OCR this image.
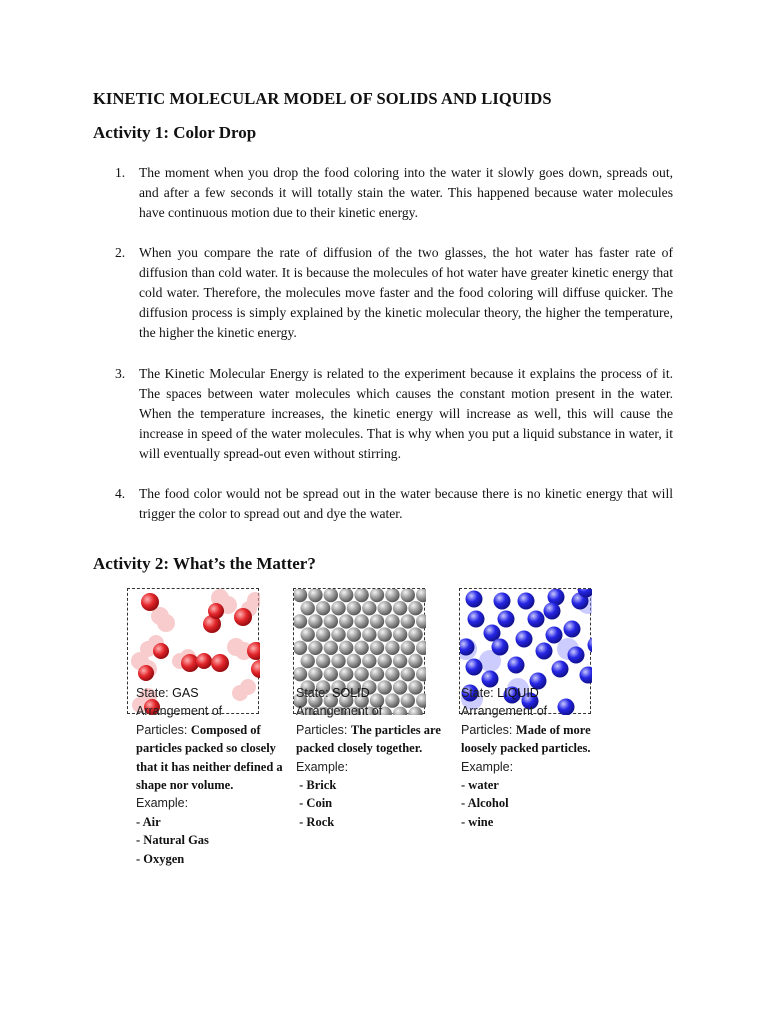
KINETIC MOLECULAR MODEL OF SOLIDS AND LIQUIDS
Activity 1: Color Drop
1.	The moment when you drop the food coloring into the water it slowly goes down, spreads out, and after a few seconds it will totally stain the water. This happened because water molecules have continuous motion due to their kinetic energy.
2.	When you compare the rate of diffusion of the two glasses, the hot water has faster rate of diffusion than cold water. It is because the molecules of hot water have greater kinetic energy that cold water. Therefore, the molecules move faster and the food coloring will diffuse quicker. The diffusion process is simply explained by the kinetic molecular theory, the higher the temperature, the higher the kinetic energy.
3.	The Kinetic Molecular Energy is related to the experiment because it explains the process of it. The spaces between water molecules which causes the constant motion present in the water. When the temperature increases, the kinetic energy will increase as well, this will cause the increase in speed of the water molecules. That is why when you put a liquid substance in water, it will eventually spread-out even without stirring.
4.	The food color would not be spread out in the water because there is no kinetic energy that will trigger the color to spread out and dye the water.
Activity 2: What’s the Matter?
State: GAS
Arrangement of
Particles: Composed of particles packed so closely that it has neither defined a shape nor volume.
Example:
- Air
- Natural Gas
- Oxygen
State: SOLID
Arrangement of
Particles: The particles are packed closely together.
Example:
- Brick
- Coin
- Rock
State: LIQUID
Arrangement of
Particles: Made of more loosely packed particles.
Example:
- water
- Alcohol
- wine
